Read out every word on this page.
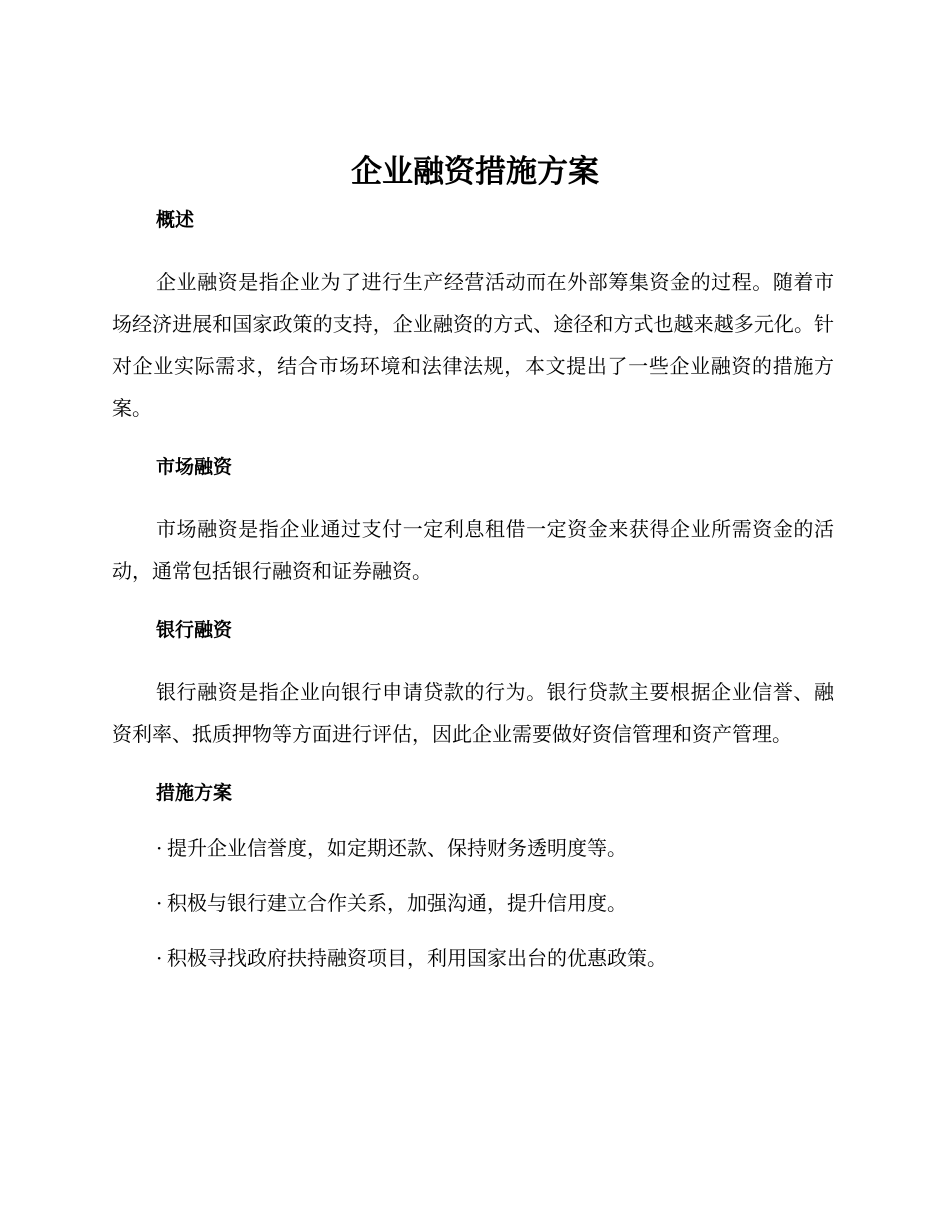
企业融资措施方案
概述

企业融资是指企业为了进行生产经营活动而在外部筹集资金的过程。随着市场经济进展和国家政策的支持，企业融资的方式、途径和方式也越来越多元化。针对企业实际需求，结合市场环境和法律法规，本文提出了一些企业融资的措施方案。

市场融资

市场融资是指企业通过支付一定利息租借一定资金来获得企业所需资金的活动，通常包括银行融资和证券融资。

银行融资

银行融资是指企业向银行申请贷款的行为。银行贷款主要根据企业信誉、融资利率、抵质押物等方面进行评估，因此企业需要做好资信管理和资产管理。

措施方案

· 提升企业信誉度，如定期还款、保持财务透明度等。

· 积极与银行建立合作关系，加强沟通，提升信用度。

· 积极寻找政府扶持融资项目，利用国家出台的优惠政策。
